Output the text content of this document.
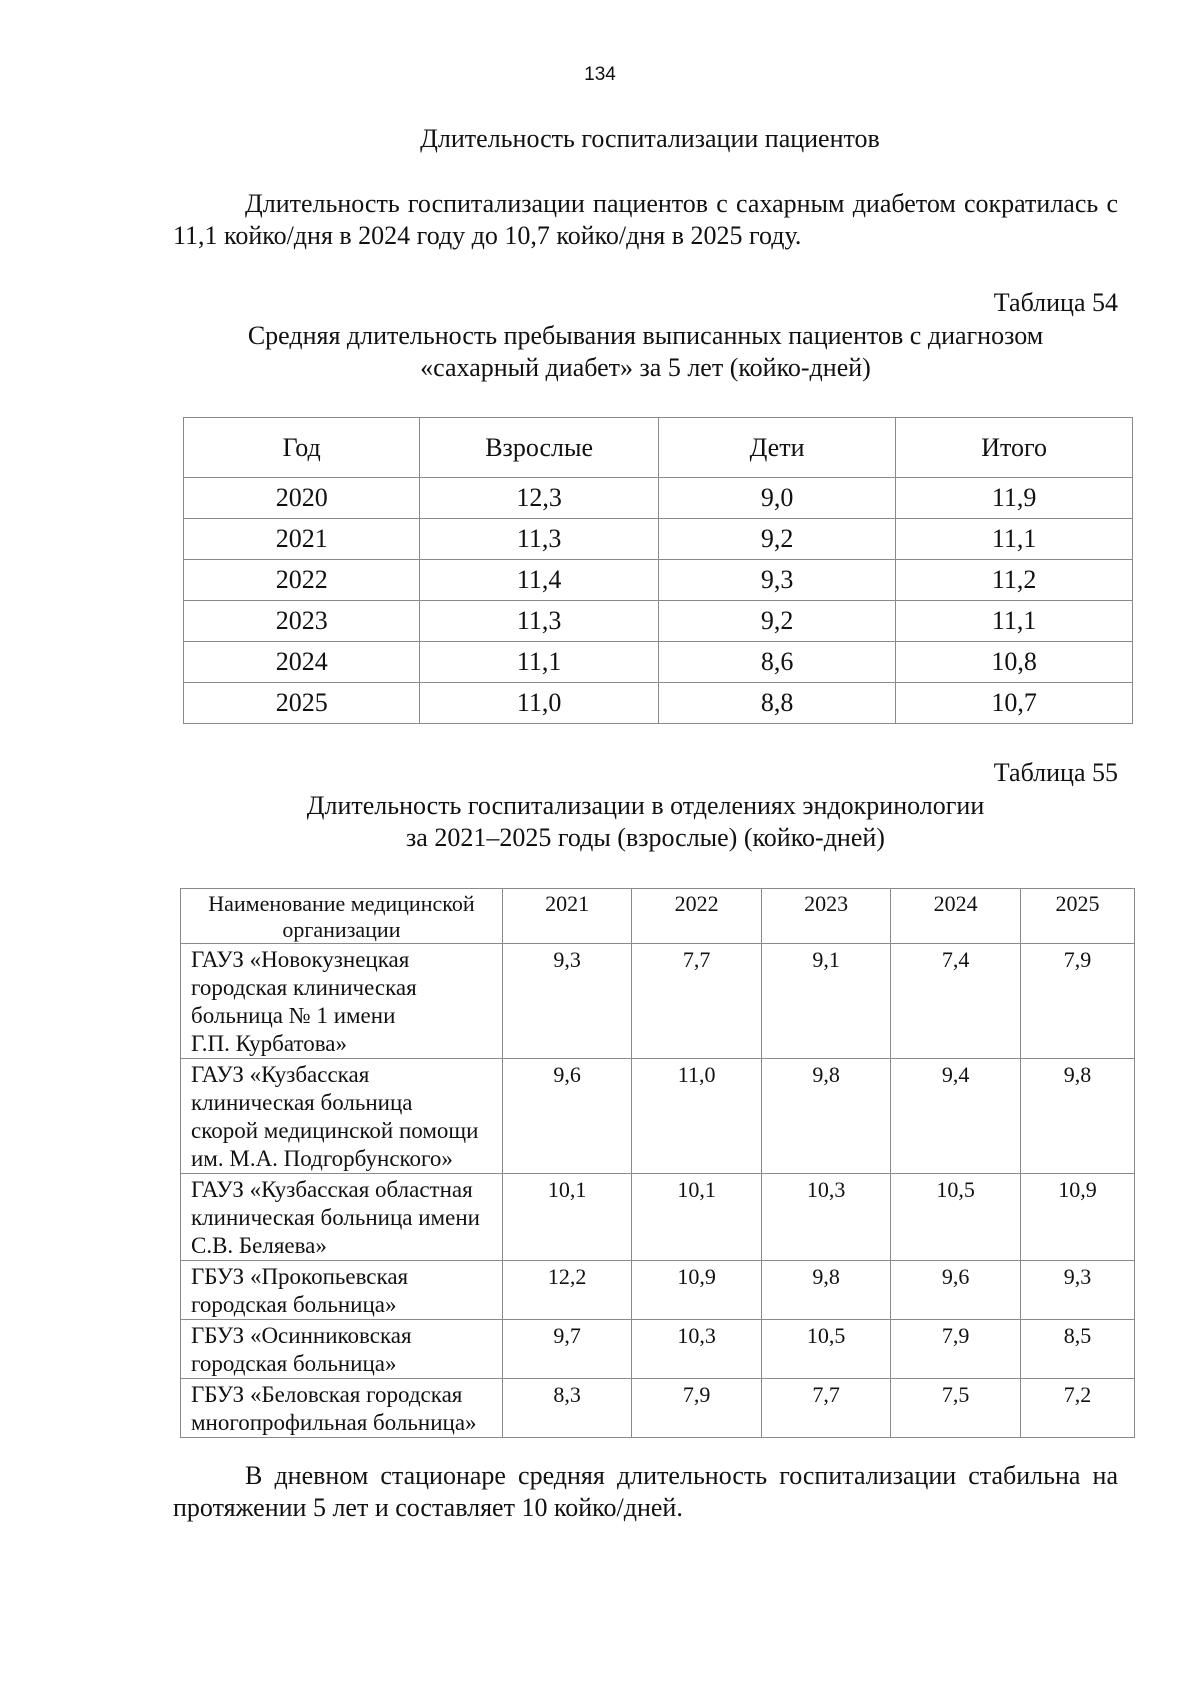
134
Длительность госпитализации пациентов
Длительность госпитализации пациентов с сахарным диабетом сократилась с 11,1 койко/дня в 2024 году до 10,7 койко/дня в 2025 году.
Таблица 54
Средняя длительность пребывания выписанных пациентов с диагнозом
«сахарный диабет» за 5 лет (койко-дней)
Год	Взрослые	Дети	Итого
2020	12,3	9,0	11,9
2021	11,3	9,2	11,1
2022	11,4	9,3	11,2
2023	11,3	9,2	11,1
2024	11,1	8,6	10,8
2025	11,0	8,8	10,7
Таблица 55
Длительность госпитализации в отделениях эндокринологии
за 2021–2025 годы (взрослые) (койко-дней)
Наименование медицинской организации	2021	2022	2023	2024	2025

ГАУЗ «Новокузнецкая
городская клиническая
больница № 1 имени
Г.П. Курбатова»	9,3	7,7	9,1	7,4	7,9

ГАУЗ «Кузбасская
клиническая больница
скорой медицинской помощи
им. М.А. Подгорбунского»	9,6	11,0	9,8	9,4	9,8

ГАУЗ «Кузбасская областная
клиническая больница имени
С.В. Беляева»	10,1	10,1	10,3	10,5	10,9

ГБУЗ «Прокопьевская
городская больница»	12,2	10,9	9,8	9,6	9,3

ГБУЗ «Осинниковская
городская больница»	9,7	10,3	10,5	7,9	8,5

ГБУЗ «Беловская городская
многопрофильная больница»	8,3	7,9	7,7	7,5	7,2
В дневном стационаре средняя длительность госпитализации стабильна на протяжении 5 лет и составляет 10 койко/дней.
